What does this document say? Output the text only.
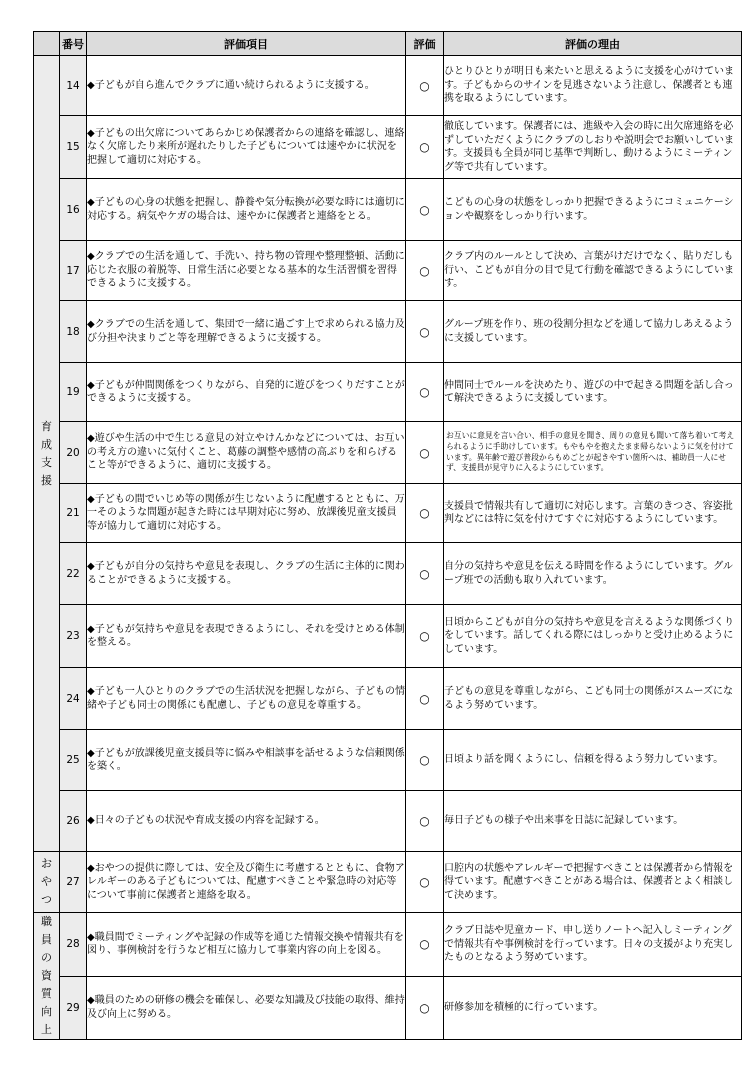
	番号	評価項目	評価	評価の理由

育成支援	14	◆子どもが自ら進んでクラブに通い続けられるように支援する。	○	ひとりひとりが明日も来たいと思えるように支援を心がけています。子どもからのサインを見逃さないよう注意し、保護者とも連携を取るようにしています。
	15	◆子どもの出欠席についてあらかじめ保護者からの連絡を確認し、連絡なく欠席したり来所が遅れたりした子どもについては速やかに状況を把握して適切に対応する。	○	徹底しています。保護者には、進級や入会の時に出欠席連絡を必ずしていただくようにクラブのしおりや説明会でお願いしています。支援員も全員が同じ基準で判断し、動けるようにミーティング等で共有しています。
	16	◆子どもの心身の状態を把握し、静養や気分転換が必要な時には適切に対応する。病気やケガの場合は、速やかに保護者と連絡をとる。	○	こどもの心身の状態をしっかり把握できるようにコミュニケーションや観察をしっかり行います。
	17	◆クラブでの生活を通して、手洗い、持ち物の管理や整理整頓、活動に応じた衣服の着脱等、日常生活に必要となる基本的な生活習慣を習得できるように支援する。	○	クラブ内のルールとして決め、言葉がけだけでなく、貼りだしも行い、こどもが自分の目で見て行動を確認できるようにしています。
	18	◆クラブでの生活を通して、集団で一緒に過ごす上で求められる協力及び分担や決まりごと等を理解できるように支援する。	○	グループ班を作り、班の役割分担などを通して協力しあえるように支援しています。
	19	◆子どもが仲間関係をつくりながら、自発的に遊びをつくりだすことができるように支援する。	○	仲間同士でルールを決めたり、遊びの中で起きる問題を話し合って解決できるように支援しています。
	20	◆遊びや生活の中で生じる意見の対立やけんかなどについては、お互いの考え方の違いに気付くこと、葛藤の調整や感情の高ぶりを和らげること等ができるように、適切に支援する。	○	お互いに意見を言い合い、相手の意見を聞き、周りの意見も聞いて落ち着いて考えられるように手助けしています。もやもやを抱えたまま帰らないように気を付けています。異年齢で遊び普段からもめごとが起きやすい箇所へは、補助員一人にせず、支援員が見守りに入るようにしています。
	21	◆子どもの間でいじめ等の関係が生じないように配慮するとともに、万一そのような問題が起きた時には早期対応に努め、放課後児童支援員等が協力して適切に対応する。	○	支援員で情報共有して適切に対応します。言葉のきつさ、容姿批判などには特に気を付けてすぐに対応するようにしています。
	22	◆子どもが自分の気持ちや意見を表現し、クラブの生活に主体的に関わることができるように支援する。	○	自分の気持ちや意見を伝える時間を作るようにしています。グループ班での活動も取り入れています。
	23	◆子どもが気持ちや意見を表現できるようにし、それを受けとめる体制を整える。	○	日頃からこどもが自分の気持ちや意見を言えるような関係づくりをしています。話してくれる際にはしっかりと受け止めるようにしています。
	24	◆子ども一人ひとりのクラブでの生活状況を把握しながら、子どもの情緒や子ども同士の関係にも配慮し、子どもの意見を尊重する。	○	子どもの意見を尊重しながら、こども同士の関係がスムーズになるよう努めています。
	25	◆子どもが放課後児童支援員等に悩みや相談事を話せるような信頼関係を築く。	○	日頃より話を聞くようにし、信頼を得るよう努力しています。
	26	◆日々の子どもの状況や育成支援の内容を記録する。	○	毎日子どもの様子や出来事を日誌に記録しています。

おやつ	27	◆おやつの提供に際しては、安全及び衛生に考慮するとともに、食物アレルギーのある子どもについては、配慮すべきことや緊急時の対応等について事前に保護者と連絡を取る。	○	口腔内の状態やアレルギーで把握すべきことは保護者から情報を得ています。配慮すべきことがある場合は、保護者とよく相談して決めます。

職員の資質向上	28	◆職員間でミーティングや記録の作成等を通じた情報交換や情報共有を図り、事例検討を行うなど相互に協力して事業内容の向上を図る。	○	クラブ日誌や児童カード、申し送りノートへ記入しミーティングで情報共有や事例検討を行っています。日々の支援がより充実したものとなるよう努めています。
	29	◆職員のための研修の機会を確保し、必要な知識及び技能の取得、維持及び向上に努める。	○	研修参加を積極的に行っています。
